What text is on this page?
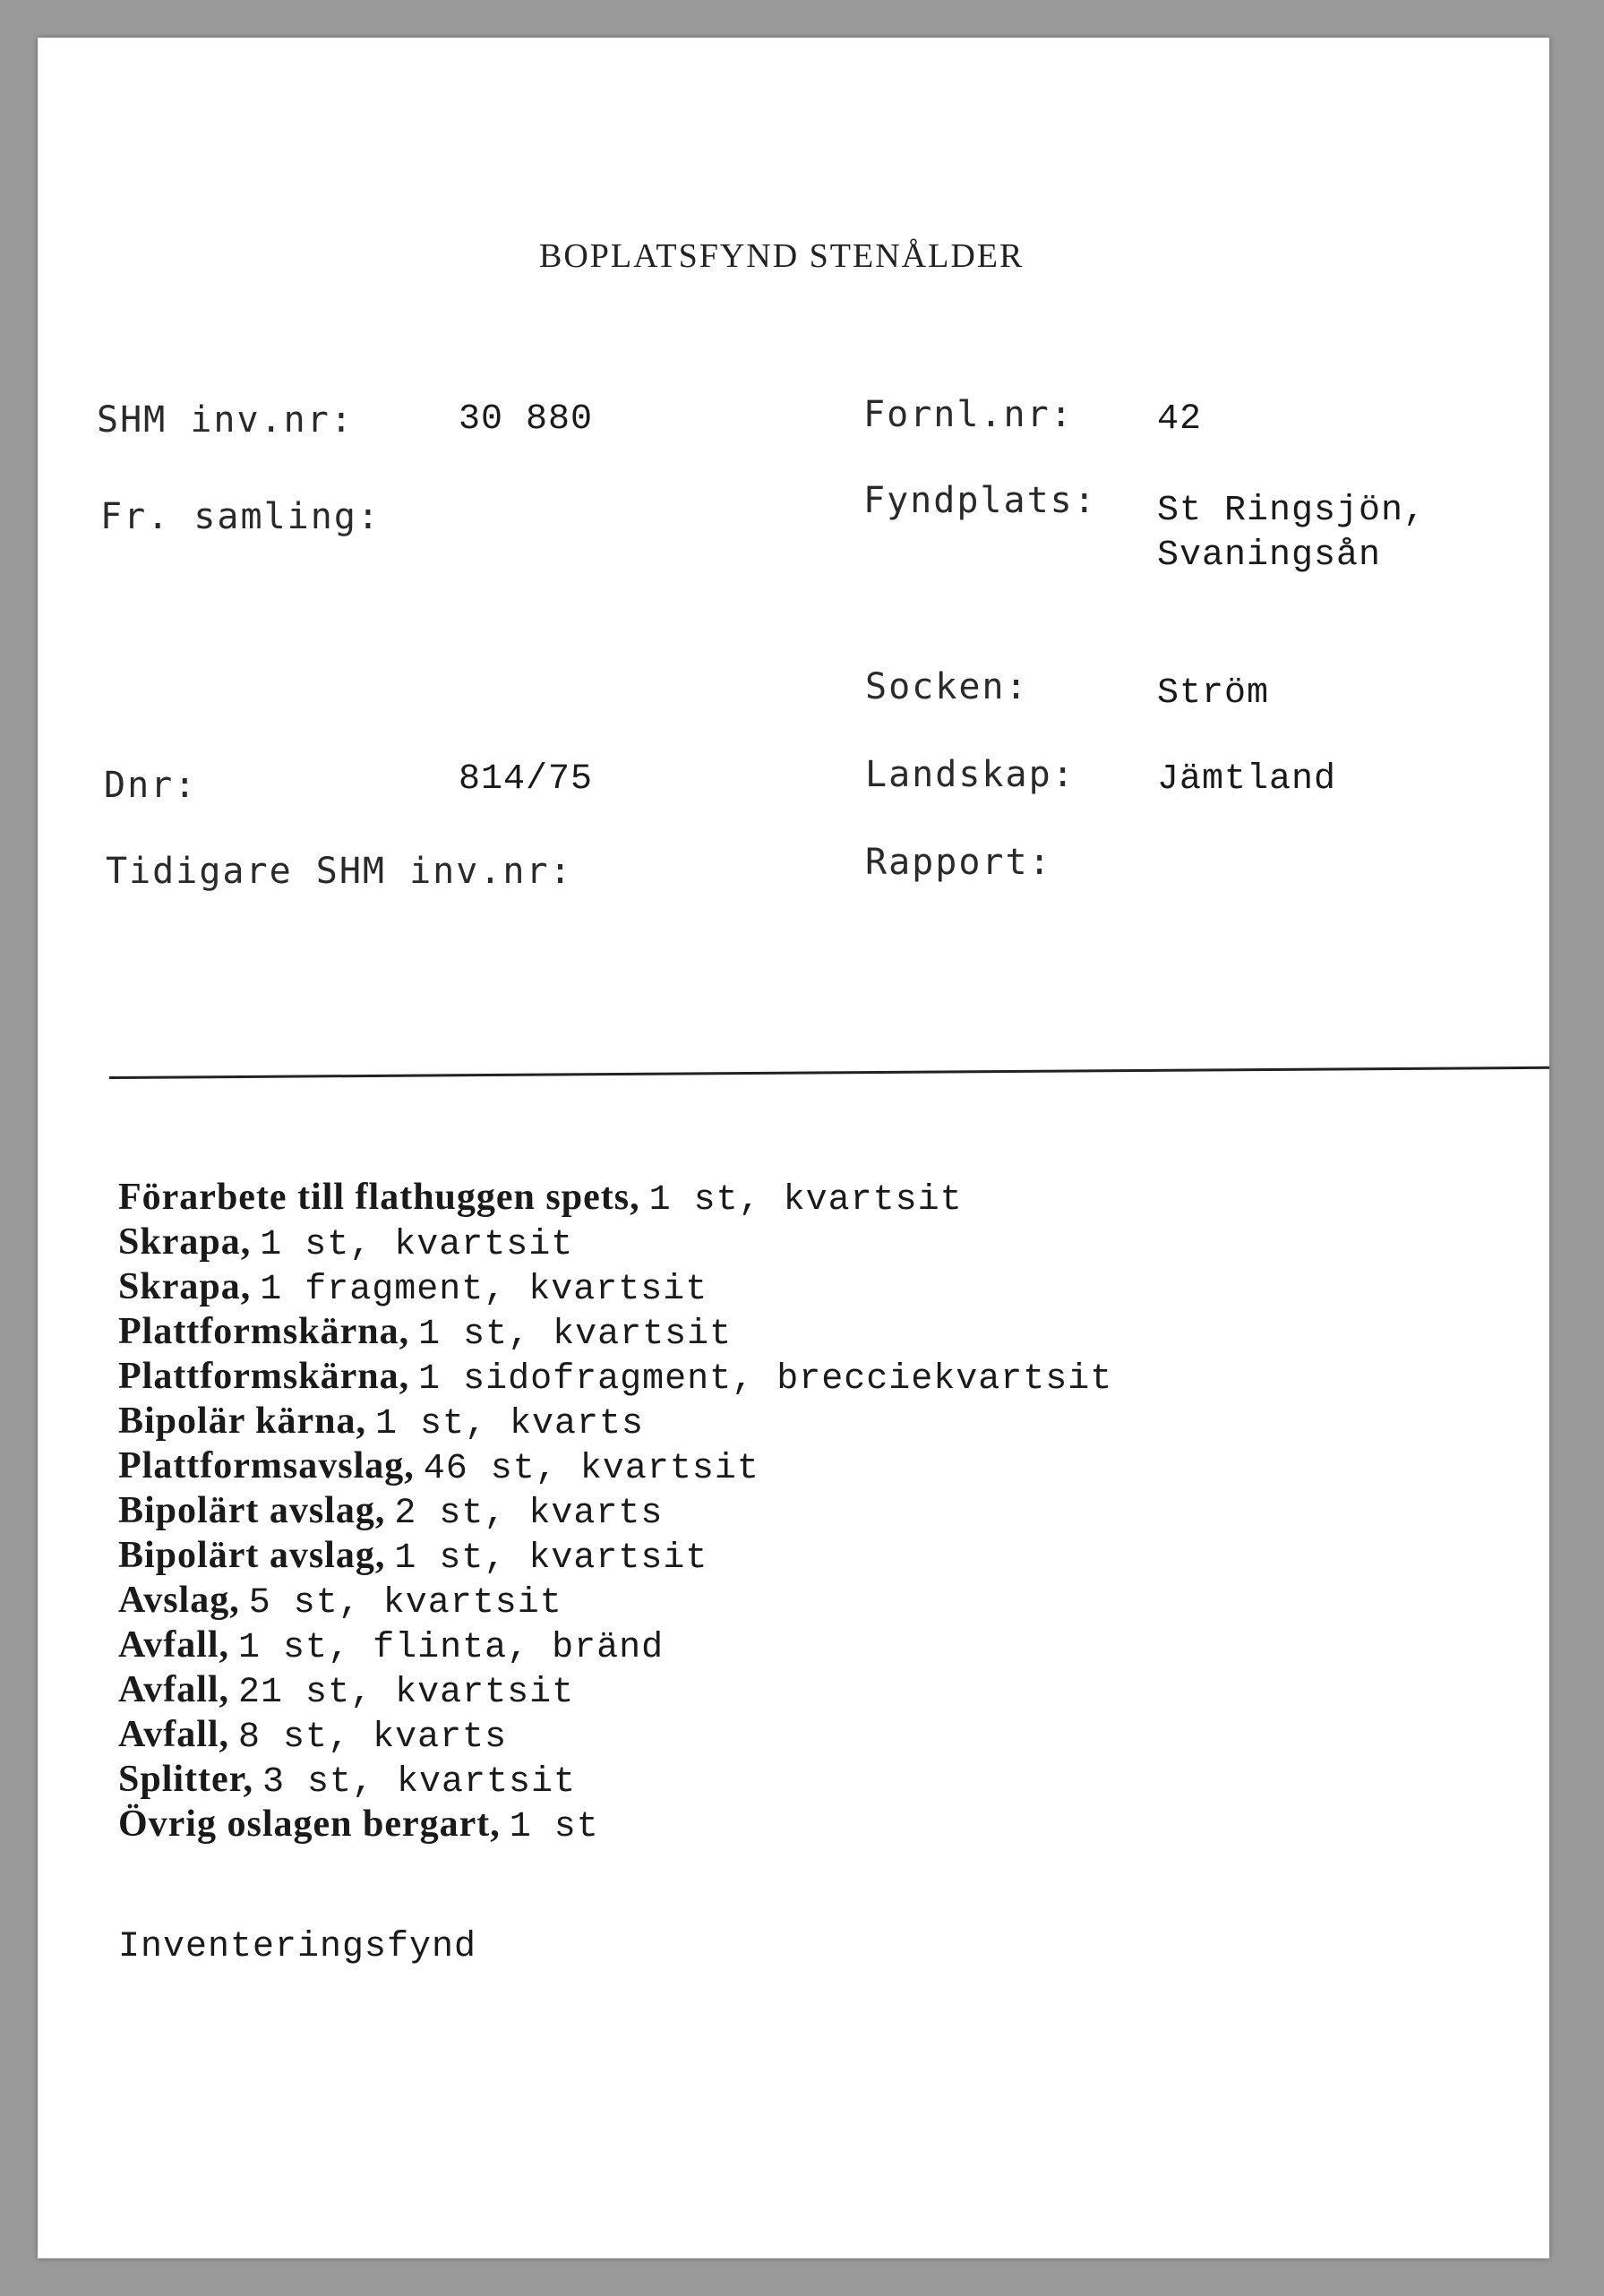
BOPLATSFYND STENÅLDER
SHM inv.nr:	30 880	Fornl.nr: 42
Fr. samling:	Fyndplats: St Ringsjön,
Svaningsån
Socken:	Ström
Dnr:	814/75	Landskap: Jämtland
Tidigare SHM inv.nr:	Rapport:
Förarbete till flathuggen spets, 1 st, kvartsit
Skrapa, 1 st, kvartsit
Skrapa, 1 fragment, kvartsit
Plattformskärna, 1 st, kvartsit
Plattformskärna, 1 sidofragment, brecciekvartsit
Bipolär kärna, 1 st, kvarts
Plattformsavslag, 46 st, kvartsit
Bipolärt avslag, 2 st, kvarts
Bipolärt avslag, 1 st, kvartsit
Avslag, 5 st, kvartsit
Avfall, 1 st, flinta, bränd
Avfall, 21 st, kvartsit
Avfall, 8 st, kvarts
Splitter, 3 st, kvartsit
Övrig oslagen bergart, 1 st
Inventeringsfynd
